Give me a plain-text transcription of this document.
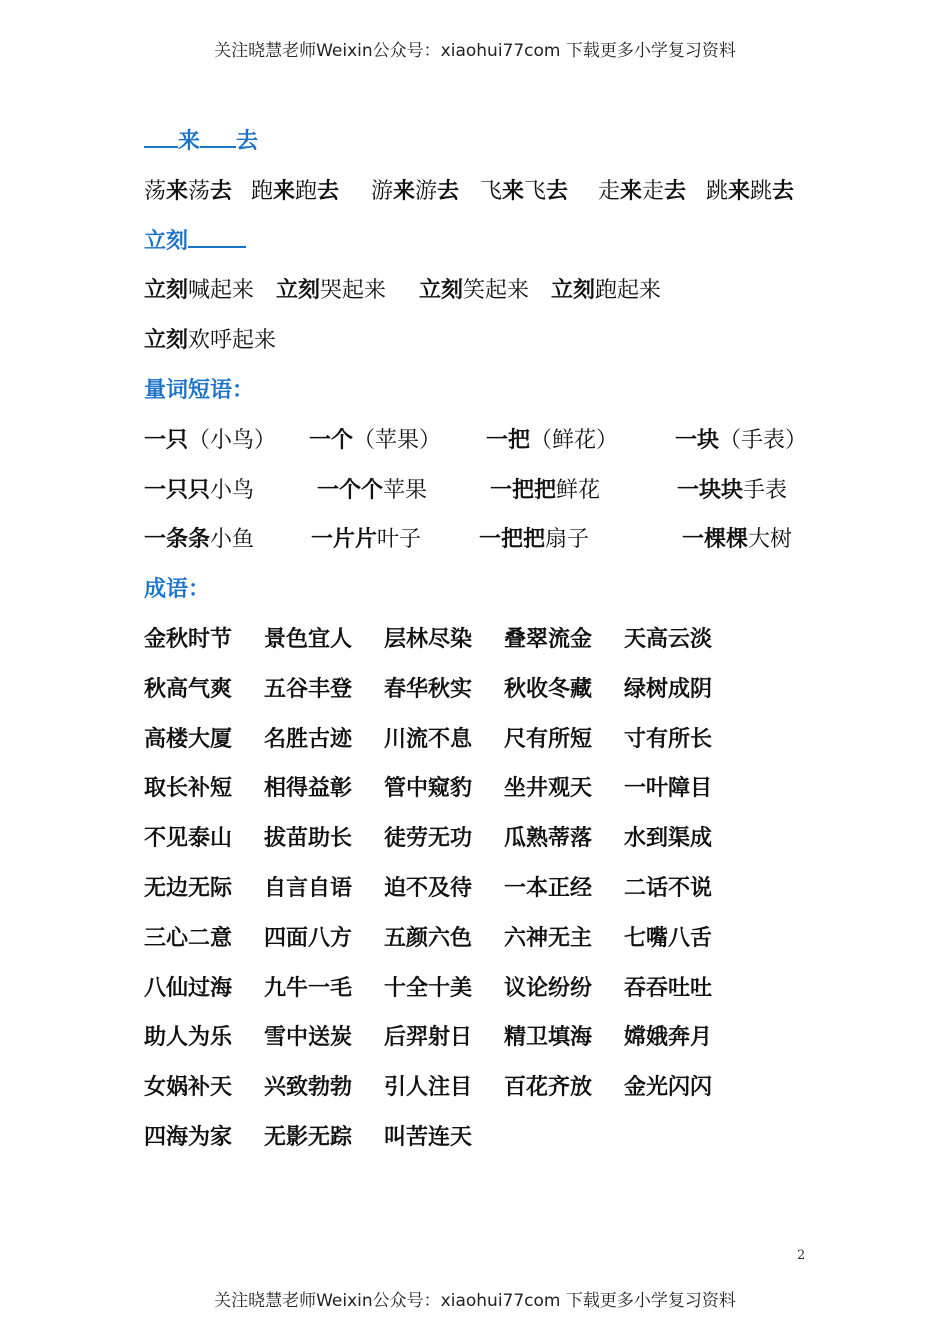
关注晓慧老师Weixin公众号：xiaohui77com 下载更多小学复习资料
来 去
荡来荡去 跑来跑去 游来游去 飞来飞去 走来走去 跳来跳去
立刻
立刻喊起来 立刻哭起来 立刻笑起来 立刻跑起来
立刻欢呼起来
量词短语：
一只（小鸟） 一个（苹果） 一把（鲜花）	一块（手表）
一只只小鸟	一个个苹果	一把把鲜花	一块块手表
一条条小鱼	一片片叶子	一把把扇子	一棵棵大树
成语：
金秋时节 景色宜人 层林尽染 叠翠流金 天高云淡
秋高气爽 五谷丰登 春华秋实 秋收冬藏 绿树成阴
高楼大厦 名胜古迹 川流不息 尺有所短 寸有所长
取长补短 相得益彰 管中窥豹 坐井观天 一叶障目
不见泰山 拔苗助长 徒劳无功 瓜熟蒂落 水到渠成
无边无际 自言自语 迫不及待 一本正经 二话不说
三心二意 四面八方 五颜六色 六神无主 七嘴八舌
八仙过海 九牛一毛 十全十美 议论纷纷 吞吞吐吐
助人为乐 雪中送炭 后羿射日 精卫填海 嫦娥奔月
女娲补天 兴致勃勃 引人注目 百花齐放 金光闪闪
四海为家 无影无踪 叫苦连天
2
关注晓慧老师Weixin公众号：xiaohui77com 下载更多小学复习资料
